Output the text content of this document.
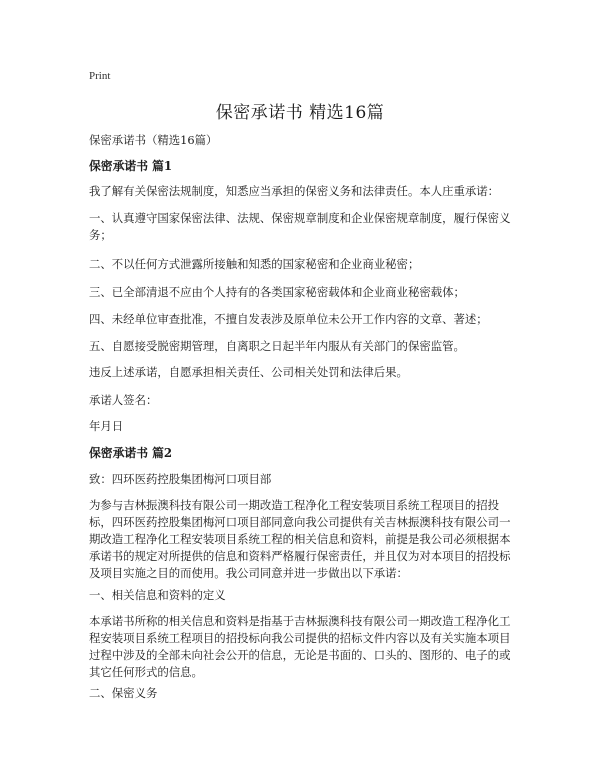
Print
保密承诺书 精选16篇

保密承诺书（精选16篇）

保密承诺书 篇1

我了解有关保密法规制度，知悉应当承担的保密义务和法律责任。本人庄重承诺：

一、认真遵守国家保密法律、法规、保密规章制度和企业保密规章制度，履行保密义务；

二、不以任何方式泄露所接触和知悉的国家秘密和企业商业秘密；

三、已全部清退不应由个人持有的各类国家秘密载体和企业商业秘密载体；

四、未经单位审查批准，不擅自发表涉及原单位未公开工作内容的文章、著述；

五、自愿接受脱密期管理，自离职之日起半年内服从有关部门的保密监管。

违反上述承诺，自愿承担相关责任、公司相关处罚和法律后果。

承诺人签名：

年月日

保密承诺书 篇2

致：四环医药控股集团梅河口项目部

为参与吉林振澳科技有限公司一期改造工程净化工程安装项目系统工程项目的招投标，四环医药控股集团梅河口项目部同意向我公司提供有关吉林振澳科技有限公司一期改造工程净化工程安装项目系统工程的相关信息和资料，前提是我公司必须根据本承诺书的规定对所提供的信息和资料严格履行保密责任，并且仅为对本项目的招投标及项目实施之目的而使用。我公司同意并进一步做出以下承诺：

一、相关信息和资料的定义

本承诺书所称的相关信息和资料是指基于吉林振澳科技有限公司一期改造工程净化工程安装项目系统工程项目的招投标向我公司提供的招标文件内容以及有关实施本项目过程中涉及的全部未向社会公开的信息，无论是书面的、口头的、图形的、电子的或其它任何形式的信息。

二、保密义务
